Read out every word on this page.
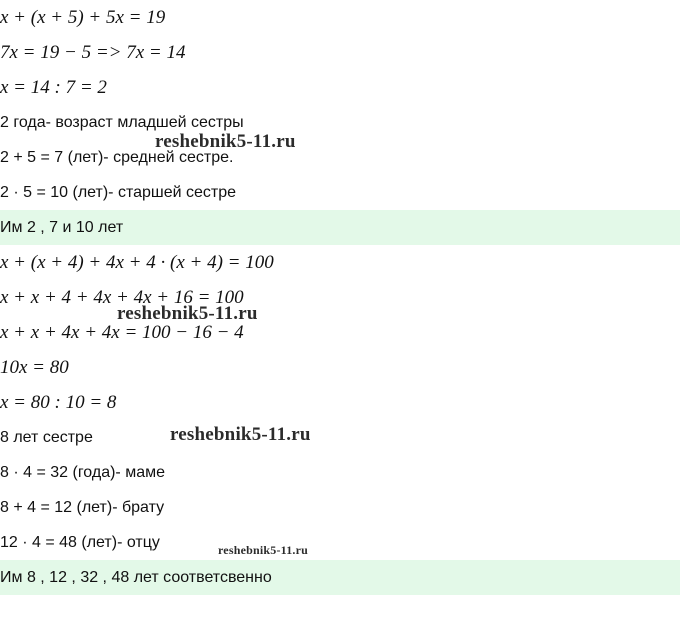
x + (x + 5) + 5x = 19
7x = 19 − 5 => 7x = 14
x = 14 : 7 = 2
2 года- возраст младшей сестры
2 + 5 = 7 (лет)- средней сестре.
2 · 5 = 10 (лет)- старшей сестре
Им 2 , 7 и 10 лет
x + (x + 4) + 4x + 4 · (x + 4) = 100
x + x + 4 + 4x + 4x + 16 = 100
x + x + 4x + 4x = 100 − 16 − 4
10x = 80
x = 80 : 10 = 8
8 лет сестре
8 · 4 = 32 (года)- маме
8 + 4 = 12 (лет)- брату
12 · 4 = 48 (лет)- отцу
Им 8 , 12 , 32 , 48 лет соответсвенно
reshebnik5-11.ru
reshebnik5-11.ru
reshebnik5-11.ru
reshebnik5-11.ru
